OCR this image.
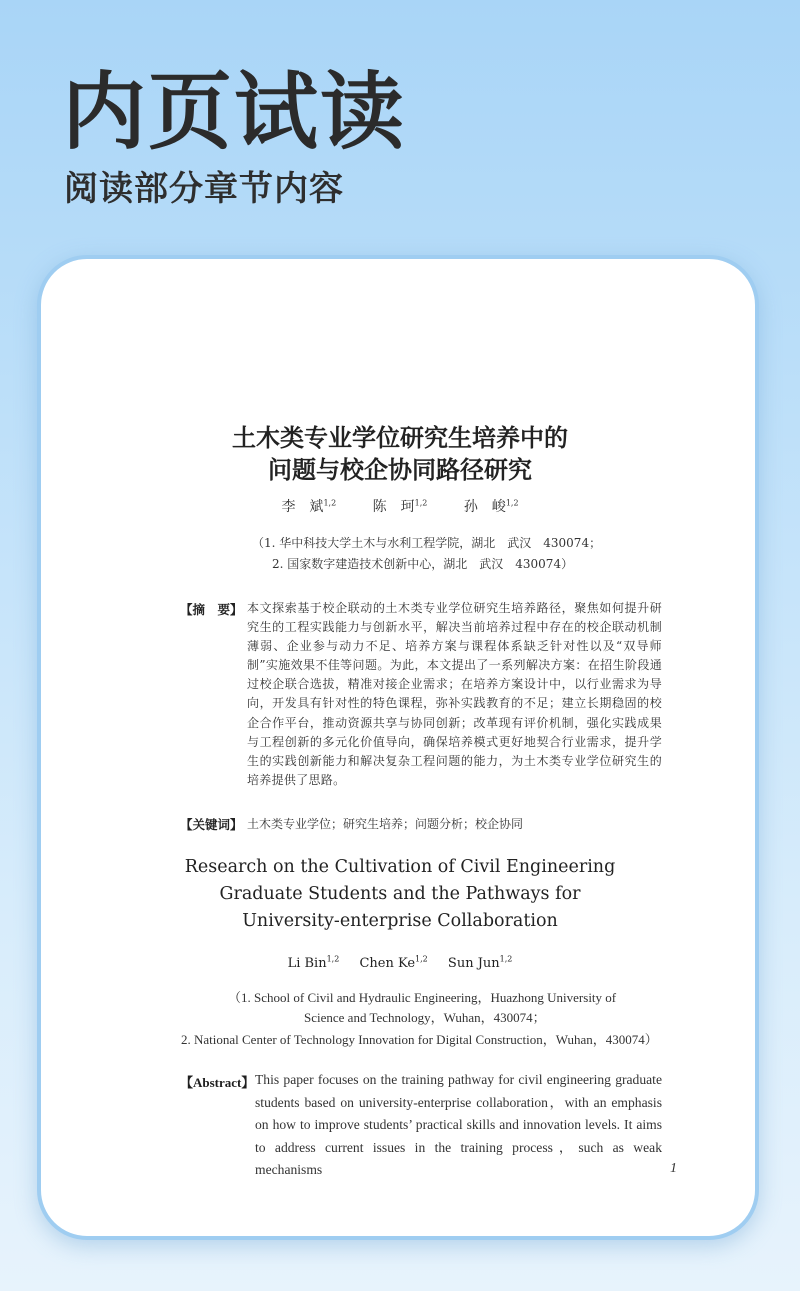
内页试读
阅读部分章节内容
土木类专业学位研究生培养中的
问题与校企协同路径研究
李　斌$^{1,2}$	陈　珂$^{1,2}$	孙　峻$^{1,2}$
（1. 华中科技大学土木与水利工程学院，湖北　武汉　430074；
2. 国家数字建造技术创新中心，湖北　武汉　430074）
【摘　要】 本文探索基于校企联动的土木类专业学位研究生培养路径，聚焦如何提升研究生的工程实践能力与创新水平，解决当前培养过程中存在的校企联动机制薄弱、企业参与动力不足、培养方案与课程体系缺乏针对性以及“双导师制”实施效果不佳等问题。为此，本文提出了一系列解决方案：在招生阶段通过校企联合选拔，精准对接企业需求；在培养方案设计中，以行业需求为导向，开发具有针对性的特色课程，弥补实践教育的不足；建立长期稳固的校企合作平台，推动资源共享与协同创新；改革现有评价机制，强化实践成果与工程创新的多元化价值导向，确保培养模式更好地契合行业需求，提升学生的实践创新能力和解决复杂工程问题的能力，为土木类专业学位研究生的培养提供了思路。
【关键词】 土木类专业学位；研究生培养；问题分析；校企协同
Research on the Cultivation of Civil Engineering
Graduate Students and the Pathways for
University-enterprise Collaboration
Li Bin$^{1,2}$ Chen Ke$^{1,2}$ Sun Jun$^{1,2}$
（1. School of Civil and Hydraulic Engineering，Huazhong University of
Science and Technology，Wuhan，430074；
2. National Center of Technology Innovation for Digital Construction，Wuhan，430074）
【Abstract】 This paper focuses on the training pathway for civil engineering graduate students based on university-enterprise collaboration，with an emphasis on how to improve students’ practical skills and innovation levels. It aims to address current issues in the training process，such as weak mechanisms	1
